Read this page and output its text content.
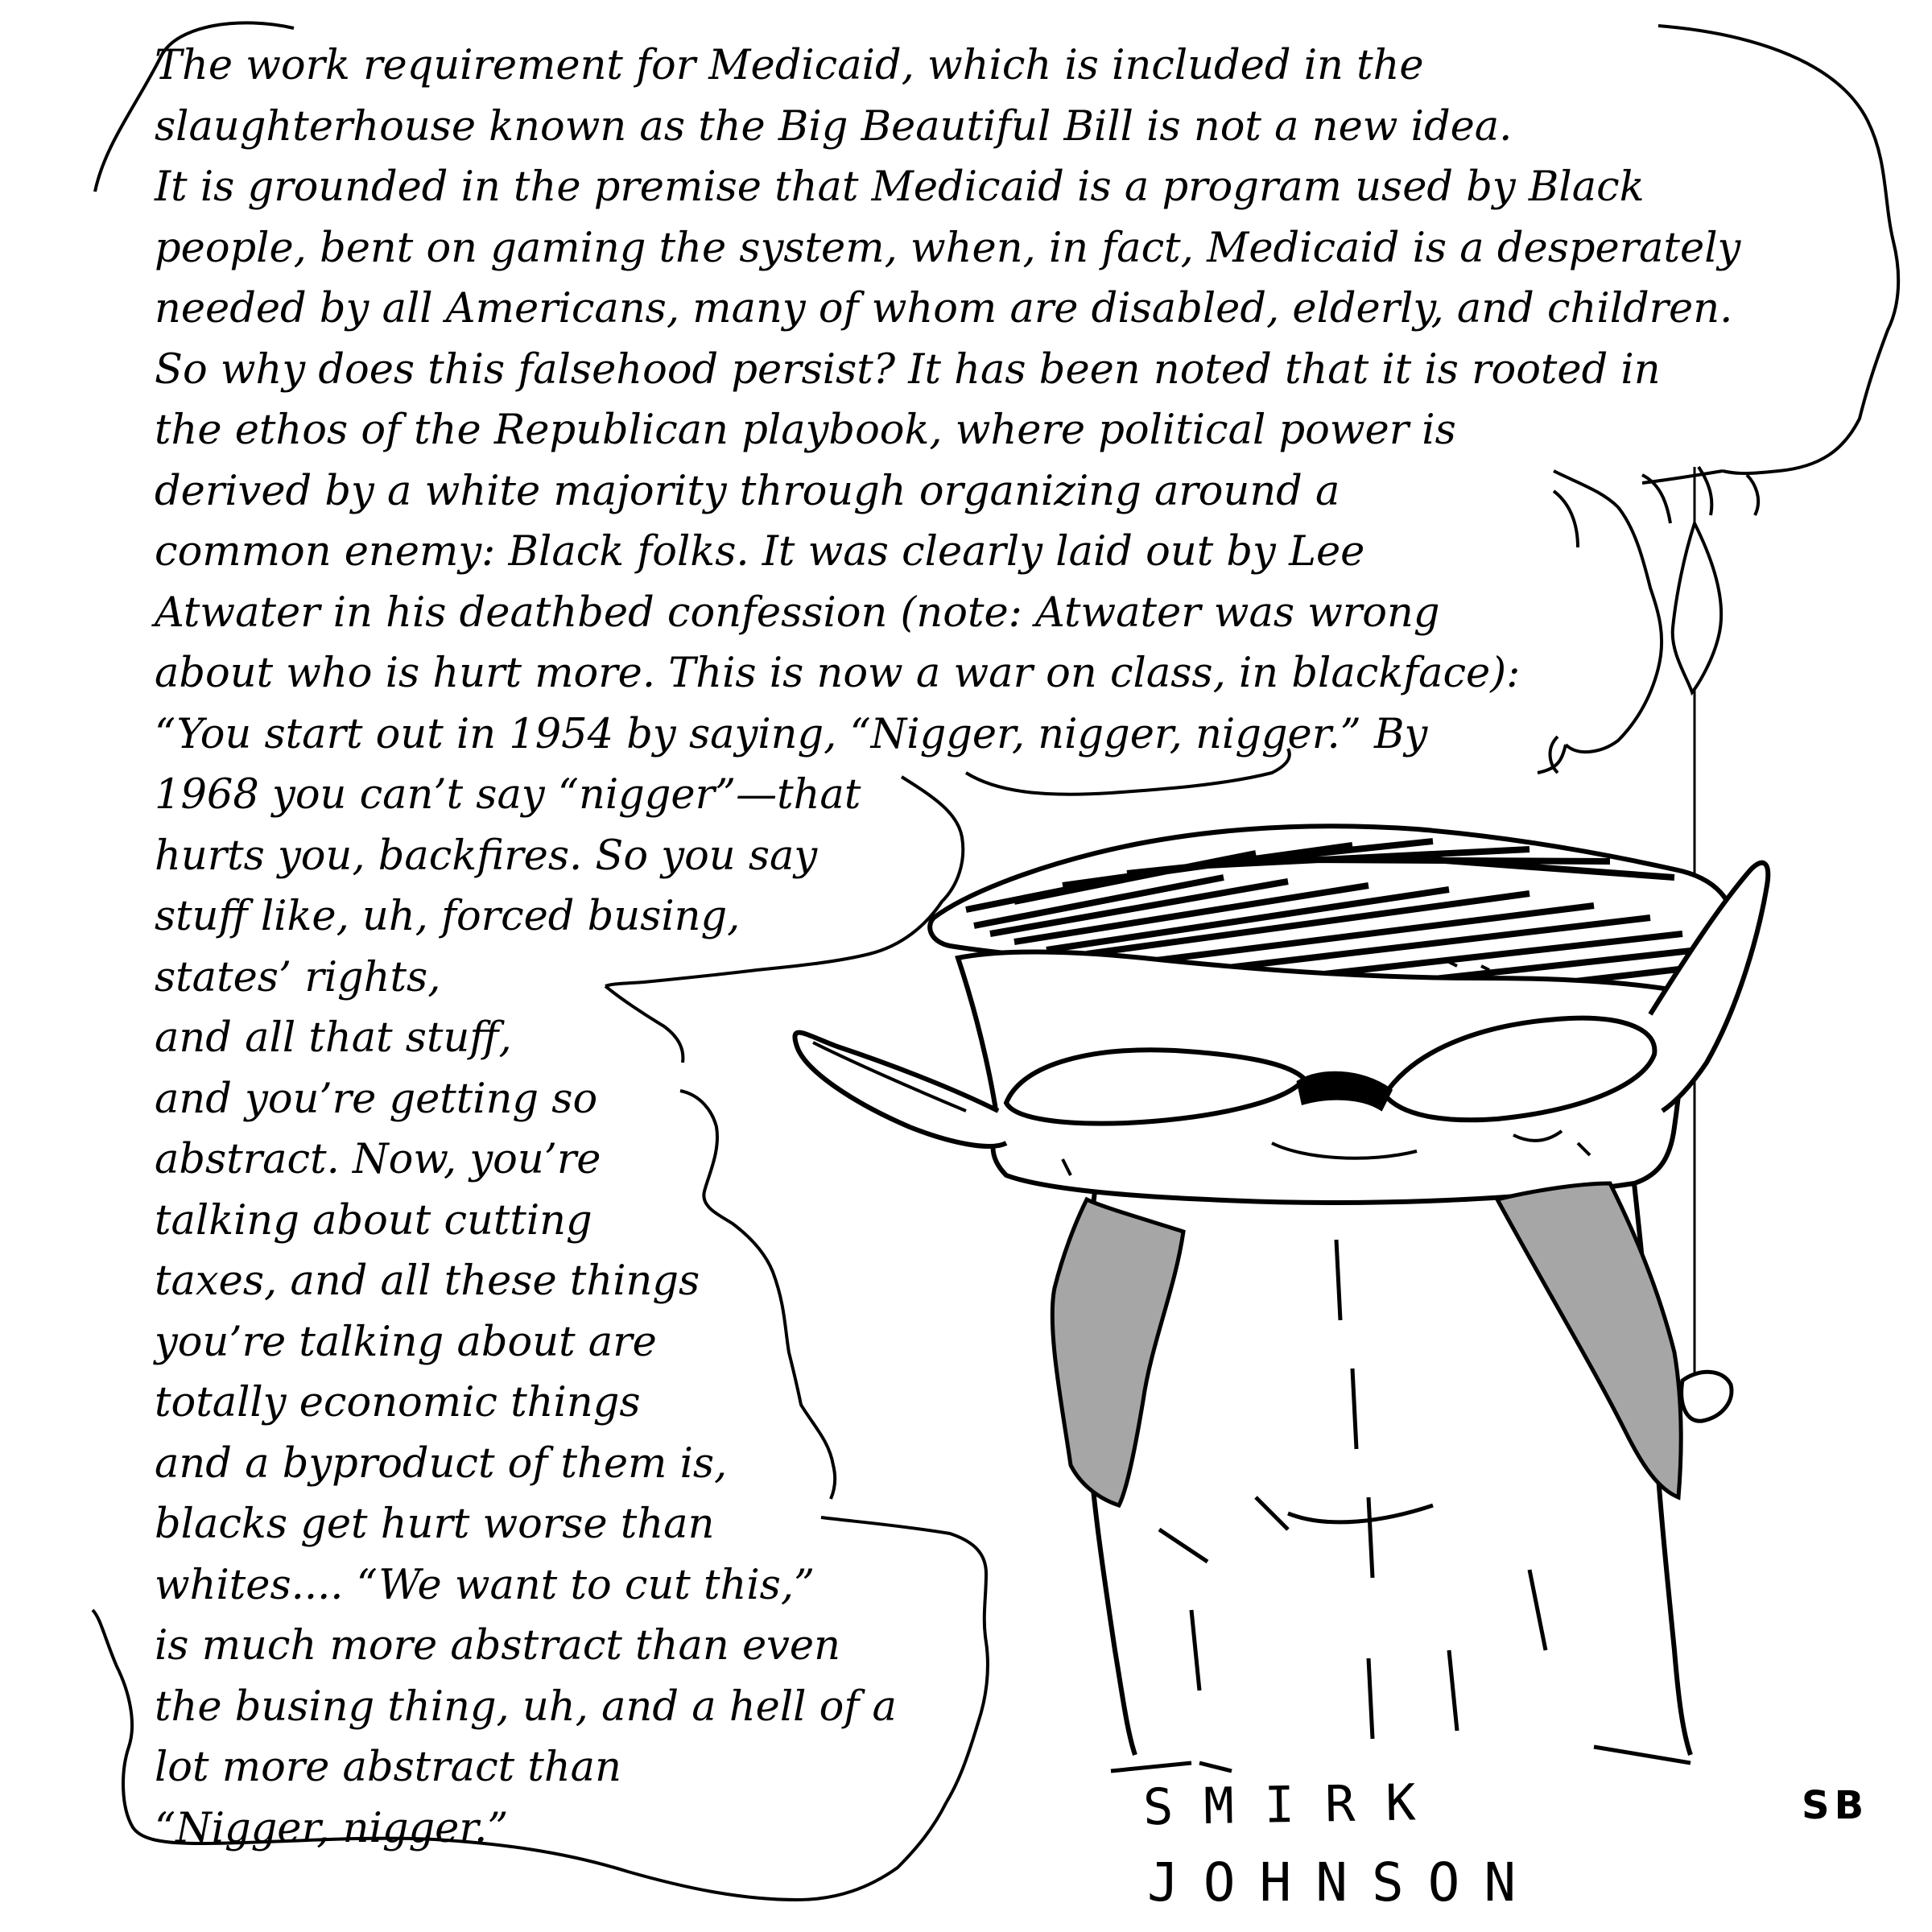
The work requirement for Medicaid, which is included in the
slaughterhouse known as the Big Beautiful Bill is not a new idea.
It is grounded in the premise that Medicaid is a program used by Black
people, bent on gaming the system, when, in fact, Medicaid is a desperately
needed by all Americans, many of whom are disabled, elderly, and children.
So why does this falsehood persist? It has been noted that it is rooted in
the ethos of the Republican playbook, where political power is
derived by a white majority through organizing around a
common enemy: Black folks. It was clearly laid out by Lee
Atwater in his deathbed confession (note: Atwater was wrong
about who is hurt more. This is now a war on class, in blackface):
“You start out in 1954 by saying, “Nigger, nigger, nigger.” By
1968 you can’t say “nigger”—that
hurts you, backfires. So you say
stuff like, uh, forced busing,
states’ rights,
and all that stuff,
and you’re getting so
abstract. Now, you’re
talking about cutting
taxes, and all these things
you’re talking about are
totally economic things
and a byproduct of them is,
blacks get hurt worse than
whites.... “We want to cut this,”
is much more abstract than even
the busing thing, uh, and a hell of a
lot more abstract than
“Nigger, nigger.”	SMIRK
JOHNSON
SB
